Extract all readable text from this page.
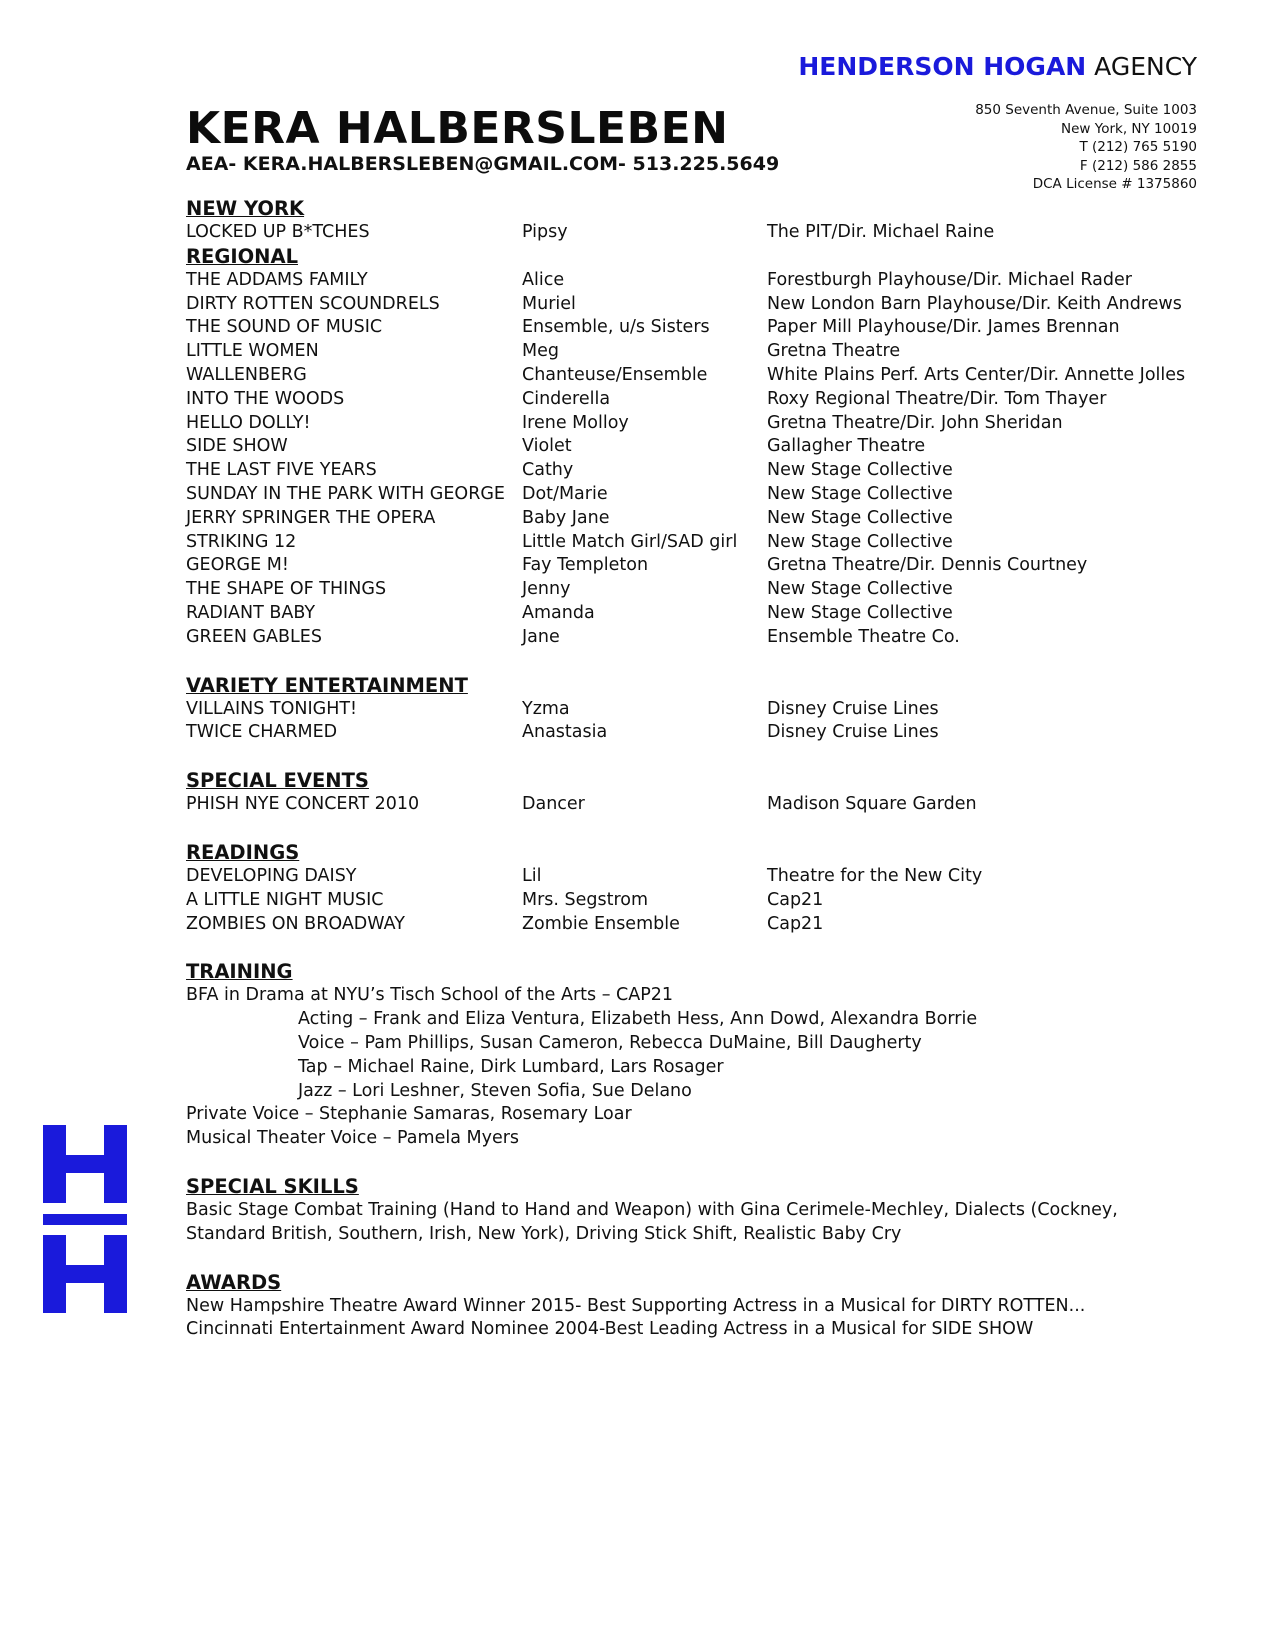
HENDERSON HOGAN AGENCY
850 Seventh Avenue, Suite 1003
New York, NY 10019
T (212) 765 5190
F (212) 586 2855
DCA License # 1375860
KERA HALBERSLEBEN
AEA- KERA.HALBERSLEBEN@GMAIL.COM- 513.225.5649
NEW YORK
LOCKED UP B*TCHES	Pipsy	The PIT/Dir. Michael Raine
REGIONAL
THE ADDAMS FAMILY	Alice	Forestburgh Playhouse/Dir. Michael Rader
DIRTY ROTTEN SCOUNDRELS	Muriel	New London Barn Playhouse/Dir. Keith Andrews
THE SOUND OF MUSIC	Ensemble, u/s Sisters	Paper Mill Playhouse/Dir. James Brennan
LITTLE WOMEN	Meg	Gretna Theatre
WALLENBERG	Chanteuse/Ensemble	White Plains Perf. Arts Center/Dir. Annette Jolles
INTO THE WOODS	Cinderella	Roxy Regional Theatre/Dir. Tom Thayer
HELLO DOLLY!	Irene Molloy	Gretna Theatre/Dir. John Sheridan
SIDE SHOW	Violet	Gallagher Theatre
THE LAST FIVE YEARS	Cathy	New Stage Collective
SUNDAY IN THE PARK WITH GEORGE Dot/Marie	New Stage Collective
JERRY SPRINGER THE OPERA	Baby Jane	New Stage Collective
STRIKING 12	Little Match Girl/SAD girl	New Stage Collective
GEORGE M!	Fay Templeton	Gretna Theatre/Dir. Dennis Courtney
THE SHAPE OF THINGS	Jenny	New Stage Collective
RADIANT BABY	Amanda	New Stage Collective
GREEN GABLES	Jane	Ensemble Theatre Co.
VARIETY ENTERTAINMENT
VILLAINS TONIGHT!	Yzma	Disney Cruise Lines
TWICE CHARMED	Anastasia	Disney Cruise Lines
SPECIAL EVENTS
PHISH NYE CONCERT 2010	Dancer	Madison Square Garden
READINGS
DEVELOPING DAISY	Lil	Theatre for the New City
A LITTLE NIGHT MUSIC	Mrs. Segstrom	Cap21
ZOMBIES ON BROADWAY	Zombie Ensemble	Cap21
TRAINING
BFA in Drama at NYU’s Tisch School of the Arts – CAP21
Acting – Frank and Eliza Ventura, Elizabeth Hess, Ann Dowd, Alexandra Borrie
Voice – Pam Phillips, Susan Cameron, Rebecca DuMaine, Bill Daugherty
Tap – Michael Raine, Dirk Lumbard, Lars Rosager
Jazz – Lori Leshner, Steven Sofia, Sue Delano
Private Voice – Stephanie Samaras, Rosemary Loar
Musical Theater Voice – Pamela Myers
SPECIAL SKILLS
Basic Stage Combat Training (Hand to Hand and Weapon) with Gina Cerimele-Mechley, Dialects (Cockney,
Standard British, Southern, Irish, New York), Driving Stick Shift, Realistic Baby Cry
AWARDS
New Hampshire Theatre Award Winner 2015- Best Supporting Actress in a Musical for DIRTY ROTTEN...
Cincinnati Entertainment Award Nominee 2004-Best Leading Actress in a Musical for SIDE SHOW
